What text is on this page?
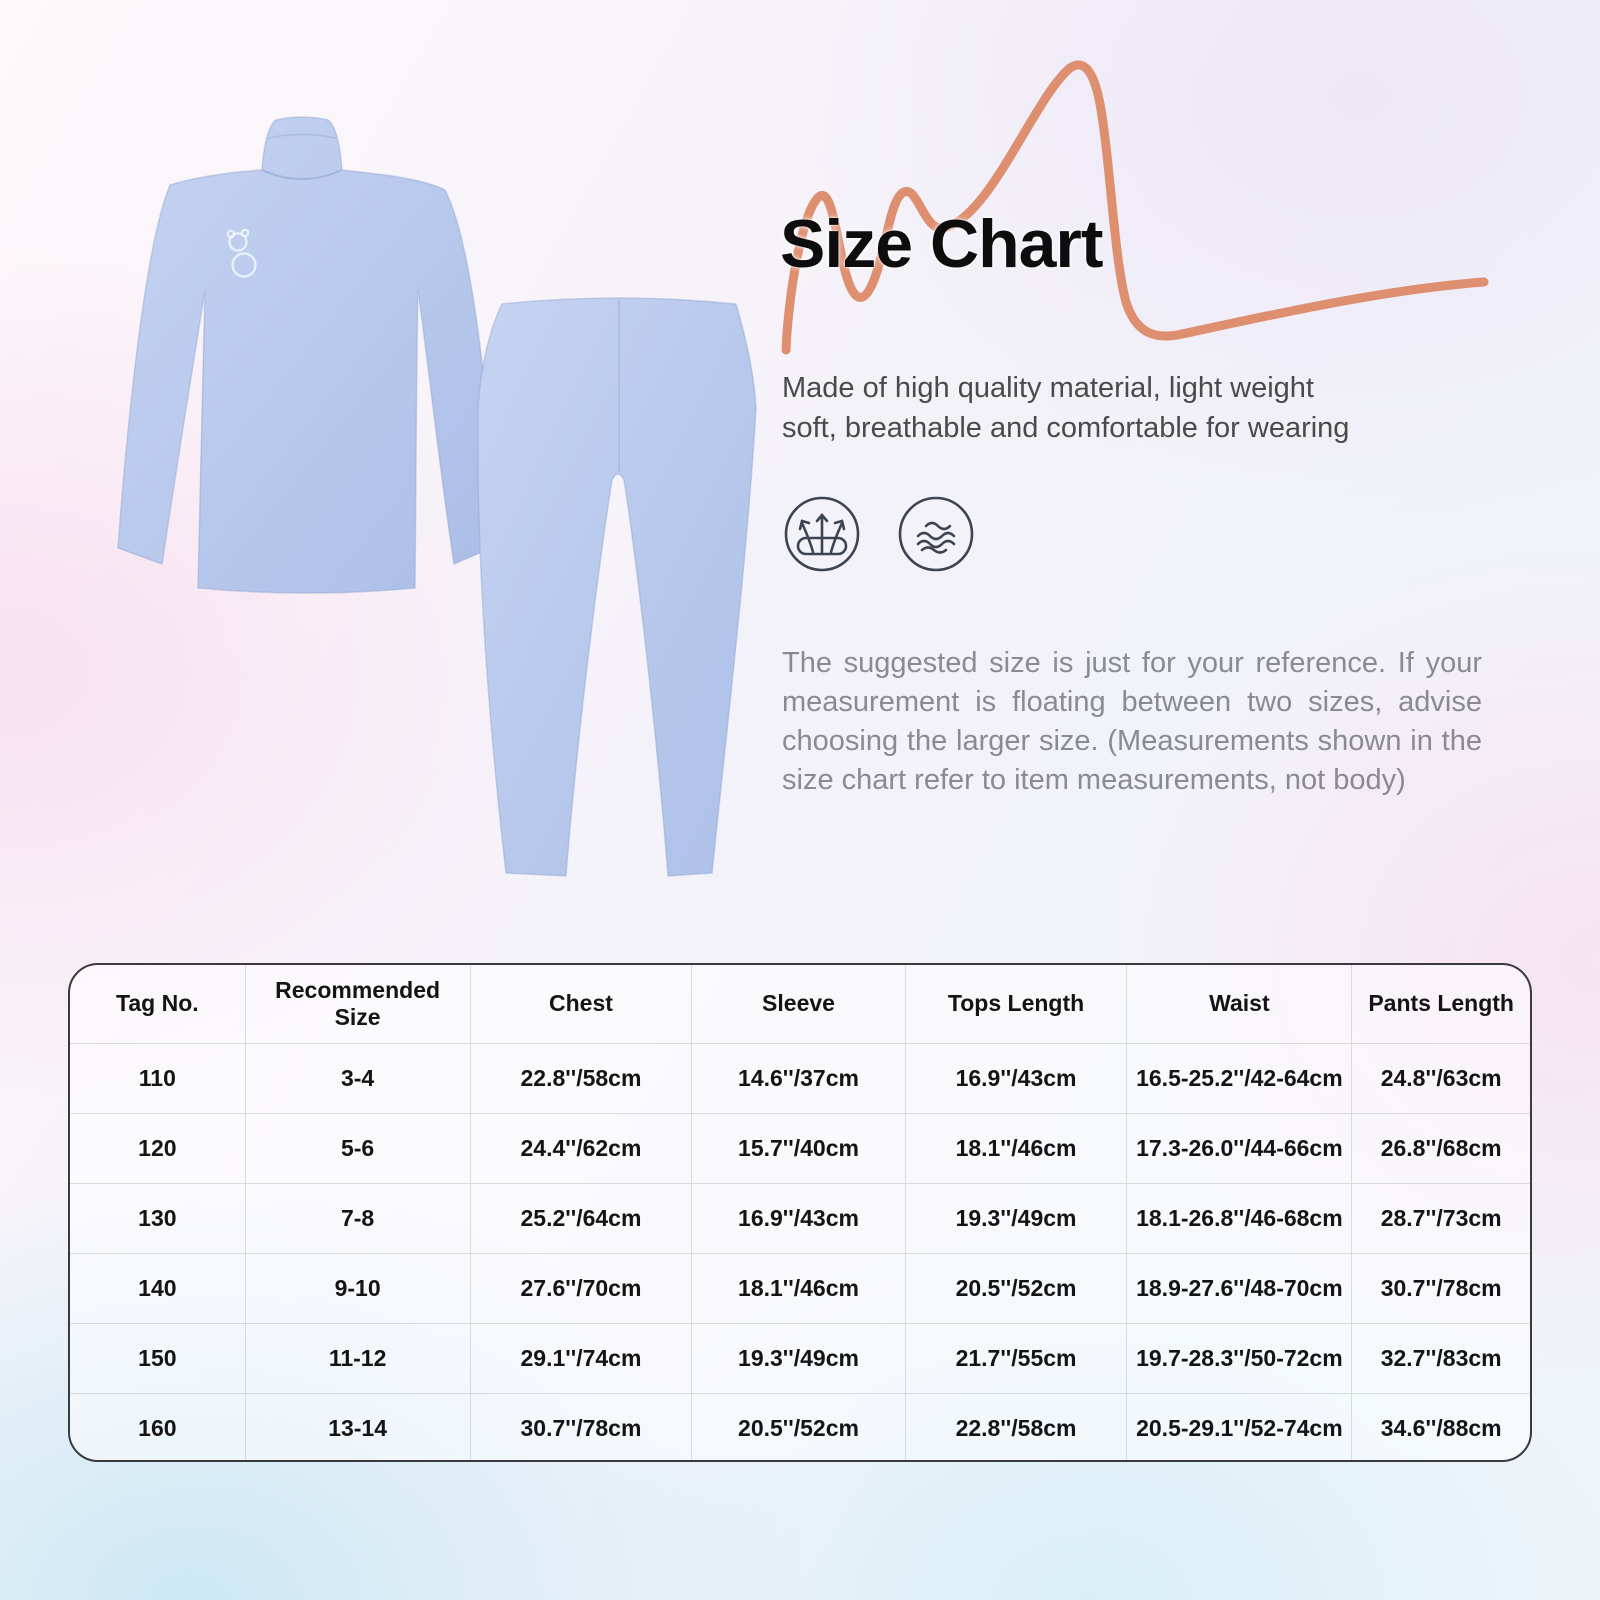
Size Chart
Made of high quality material, light weight
soft, breathable and comfortable for wearing

The suggested size is just for your reference. If your measurement is floating between two sizes, advise choosing the larger size. (Measurements shown in the size chart refer to item measurements, not body)

Tag No.	Recommended Size	Chest	Sleeve	Tops Length	Waist	Pants Length
110	3-4	22.8''/58cm	14.6''/37cm	16.9''/43cm	16.5-25.2''/42-64cm	24.8''/63cm
120	5-6	24.4''/62cm	15.7''/40cm	18.1''/46cm	17.3-26.0''/44-66cm	26.8''/68cm
130	7-8	25.2''/64cm	16.9''/43cm	19.3''/49cm	18.1-26.8''/46-68cm	28.7''/73cm
140	9-10	27.6''/70cm	18.1''/46cm	20.5''/52cm	18.9-27.6''/48-70cm	30.7''/78cm
150	11-12	29.1''/74cm	19.3''/49cm	21.7''/55cm	19.7-28.3''/50-72cm	32.7''/83cm
160	13-14	30.7''/78cm	20.5''/52cm	22.8''/58cm	20.5-29.1''/52-74cm	34.6''/88cm
